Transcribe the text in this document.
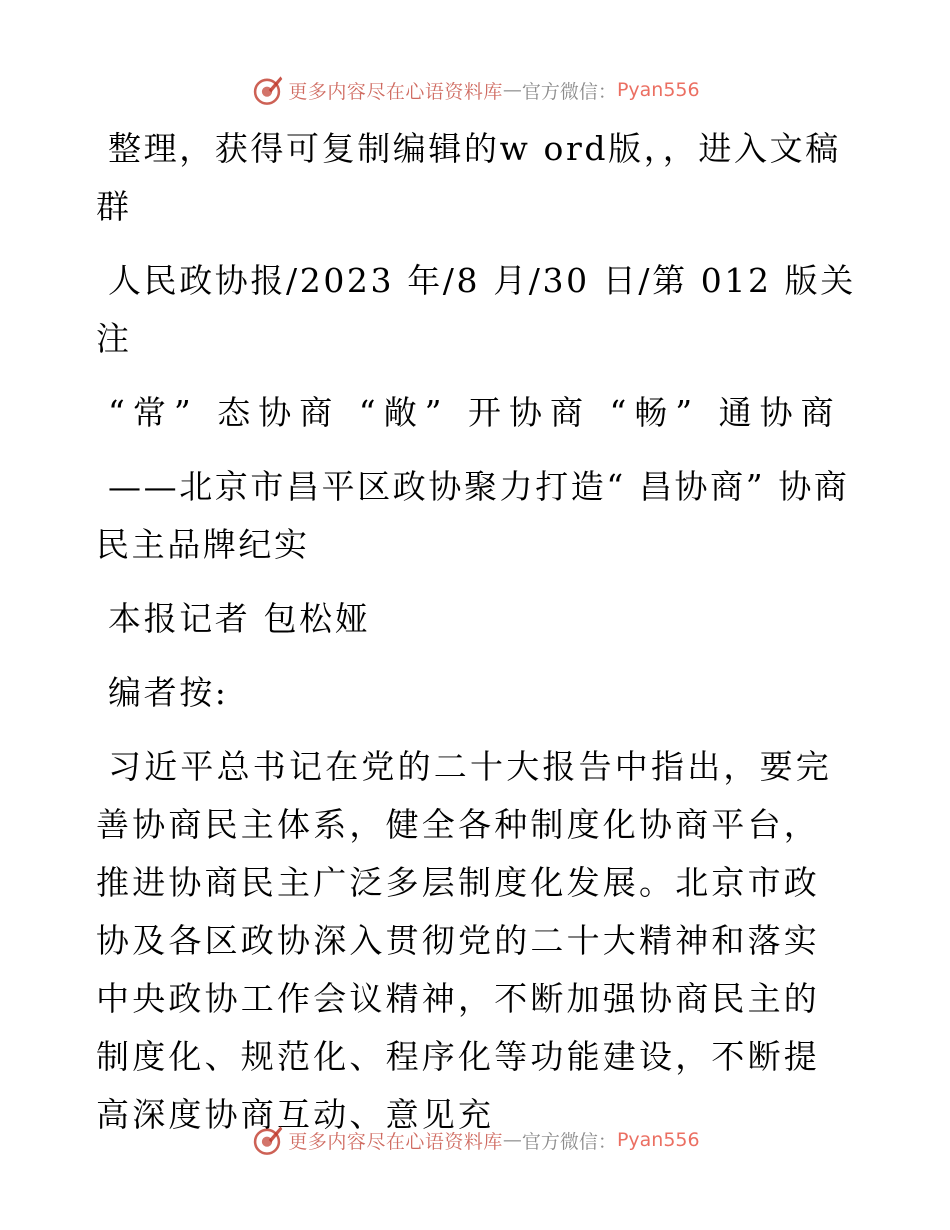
更多内容尽在心语资料库 — 官方微信： Pyan556

整理，获得可复制编辑的w ord版，，进入文稿群

人民政协报/2023 年/8 月/30 日/第 012 版关注

“常” 态协商 “敞” 开协商 “畅” 通协商

——北京市昌平区政协聚力打造“ 昌协商” 协商民主品牌纪实

本报记者 包松娅

编者按:

习近平总书记在党的二十大报告中指出，要完善协商民主体系，健全各种制度化协商平台，推进协商民主广泛多层制度化发展。北京市政协及各区政协深入贯彻党的二十大精神和落实中央政协工作会议精神，不断加强协商民主的制度化、规范化、程序化等功能建设，不断提高深度协商互动、意见充

更多内容尽在心语资料库 — 官方微信： Pyan556
